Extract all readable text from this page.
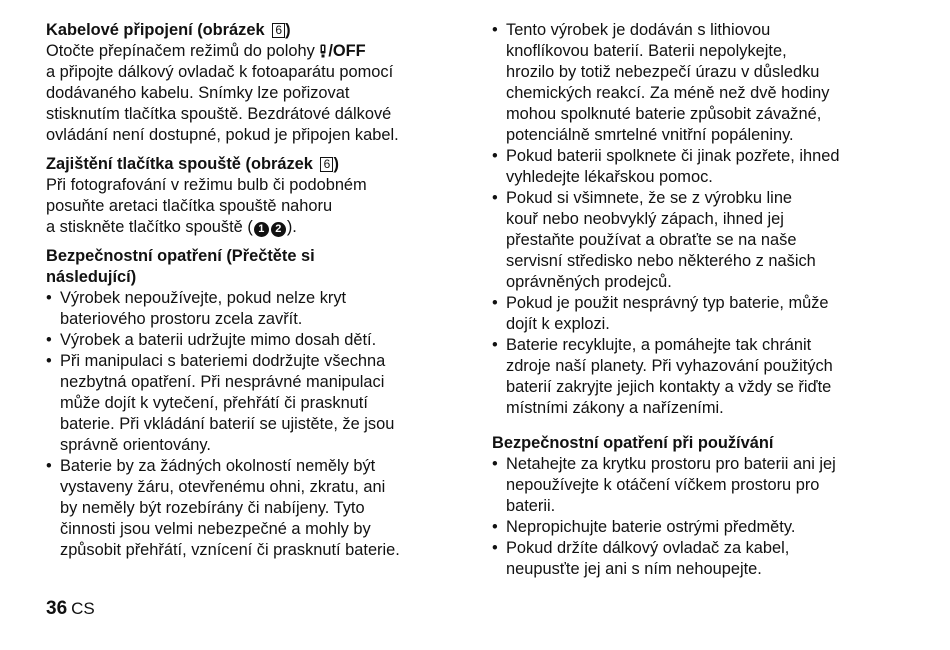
Kabelové připojení (obrázek 6 )

Otočte přepínačem režimů do polohy /OFF
a připojte dálkový ovladač k fotoaparátu pomocí
dodávaného kabelu. Snímky lze pořizovat
stisknutím tlačítka spouště. Bezdrátové dálkové
ovládání není dostupné, pokud je připojen kabel.

Zajištění tlačítka spouště (obrázek 6 )

Při fotografování v režimu bulb či podobném
posuňte aretaci tlačítka spouště nahoru
a stiskněte tlačítko spouště ( 1 2 ).

Bezpečnostní opatření (Přečtěte si
následující)

• Výrobek nepoužívejte, pokud nelze kryt
bateriového prostoru zcela zavřít.
• Výrobek a baterii udržujte mimo dosah dětí.
• Při manipulaci s bateriemi dodržujte všechna
nezbytná opatření. Při nesprávné manipulaci
může dojít k vytečení, přehřátí či prasknutí
baterie. Při vkládání baterií se ujistěte, že jsou
správně orientovány.
• Baterie by za žádných okolností neměly být
vystaveny žáru, otevřenému ohni, zkratu, ani
by neměly být rozebírány či nabíjeny. Tyto
činnosti jsou velmi nebezpečné a mohly by
způsobit přehřátí, vznícení či prasknutí baterie.
• Tento výrobek je dodáván s lithiovou
knoflíkovou baterií. Baterii nepolykejte,
hrozilo by totiž nebezpečí úrazu v důsledku
chemických reakcí. Za méně než dvě hodiny
mohou spolknuté baterie způsobit závažné,
potenciálně smrtelné vnitřní popáleniny.
• Pokud baterii spolknete či jinak pozřete, ihned
vyhledejte lékařskou pomoc.
• Pokud si všimnete, že se z výrobku line
kouř nebo neobvyklý zápach, ihned jej
přestaňte používat a obraťte se na naše
servisní středisko nebo některého z našich
oprávněných prodejců.
• Pokud je použit nesprávný typ baterie, může
dojít k explozi.
• Baterie recyklujte, a pomáhejte tak chránit
zdroje naší planety. Při vyhazování použitých
baterií zakryjte jejich kontakty a vždy se řiďte
místními zákony a nařízeními.

Bezpečnostní opatření při používání

• Netahejte za krytku prostoru pro baterii ani jej
nepoužívejte k otáčení víčkem prostoru pro
baterii.
• Nepropichujte baterie ostrými předměty.
• Pokud držíte dálkový ovladač za kabel,
neupusťte jej ani s ním nehoupejte.
36 CS
